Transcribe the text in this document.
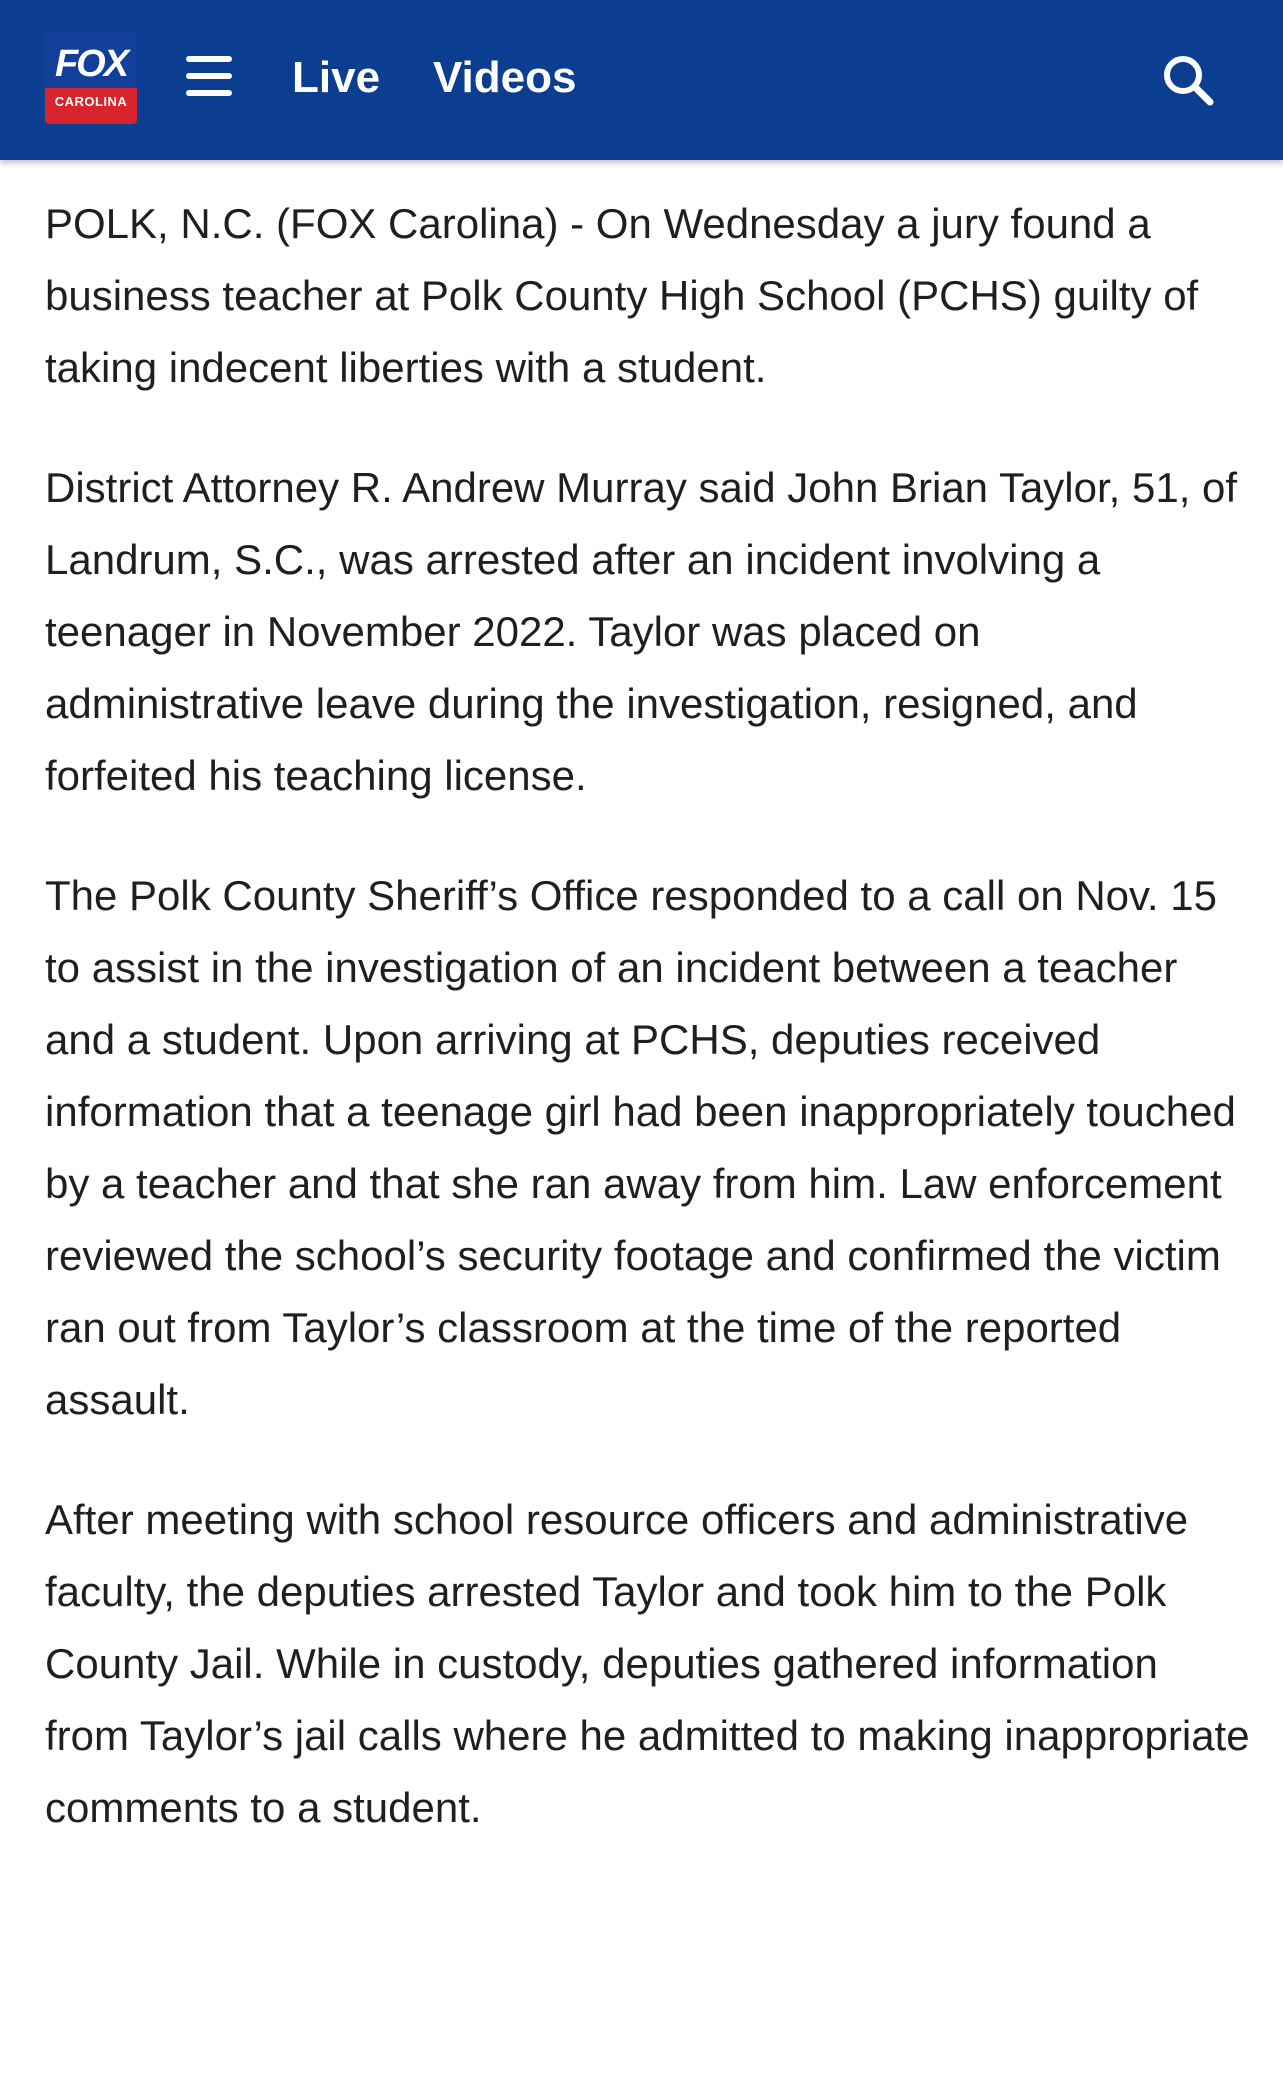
FOX
CAROLINA	Live Videos

POLK, N.C. (FOX Carolina) - On Wednesday a jury found a business teacher at Polk County High School (PCHS) guilty of taking indecent liberties with a student.

District Attorney R. Andrew Murray said John Brian Taylor, 51, of Landrum, S.C., was arrested after an incident involving a teenager in November 2022. Taylor was placed on administrative leave during the investigation, resigned, and forfeited his teaching license.

The Polk County Sheriff’s Office responded to a call on Nov. 15 to assist in the investigation of an incident between a teacher and a student. Upon arriving at PCHS, deputies received information that a teenage girl had been inappropriately touched by a teacher and that she ran away from him. Law enforcement reviewed the school’s security footage and confirmed the victim ran out from Taylor’s classroom at the time of the reported assault.

After meeting with school resource officers and administrative faculty, the deputies arrested Taylor and took him to the Polk County Jail. While in custody, deputies gathered information from Taylor’s jail calls where he admitted to making inappropriate comments to a student.
